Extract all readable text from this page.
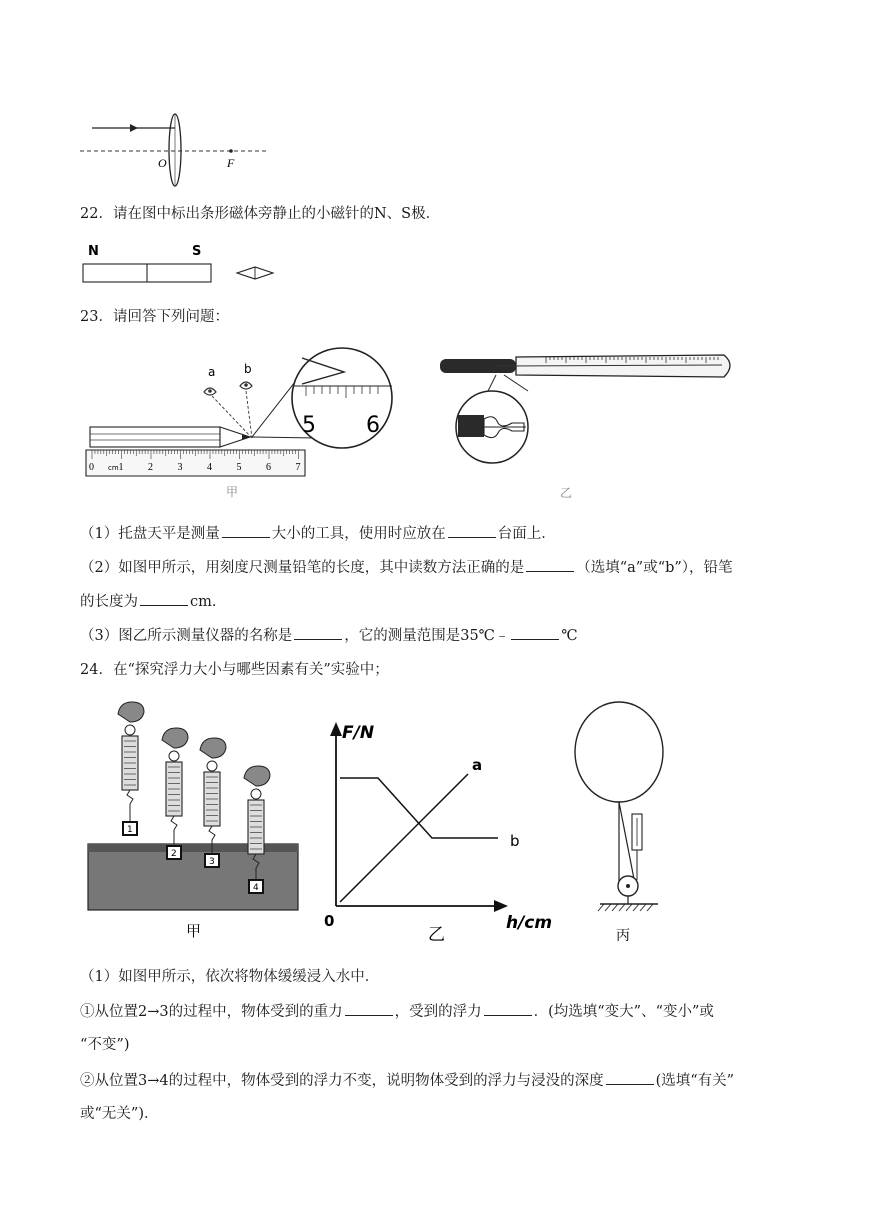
O	F
22．请在图中标出条形磁体旁静止的小磁针的N、S极．
N	S
23．请回答下列问题：
a b
0 1 2 3 4 5 6 7
cm
5 6
甲	乙
（1）托盘天平是测量	大小的工具，使用时应放在	台面上．
（2）如图甲所示，用刻度尺测量铅笔的长度，其中读数方法正确的是	（选填“a”或“b”），铅笔
的长度为	cm.
（3）图乙所示测量仪器的名称是	，它的测量范围是35℃﹣	℃
24．在“探究浮力大小与哪些因素有关”实验中；
1
2
3
4
甲
F/N
h/cm
0
a
b
乙	丙
（1）如图甲所示，依次将物体缓缓浸入水中．
①从位置2→3的过程中，物体受到的重力	，受到的浮力	．(均选填“变大”、“变小”或
“不变”)
②从位置3→4的过程中，物体受到的浮力不变，说明物体受到的浮力与浸没的深度	(选填“有关”
或“无关”)．
